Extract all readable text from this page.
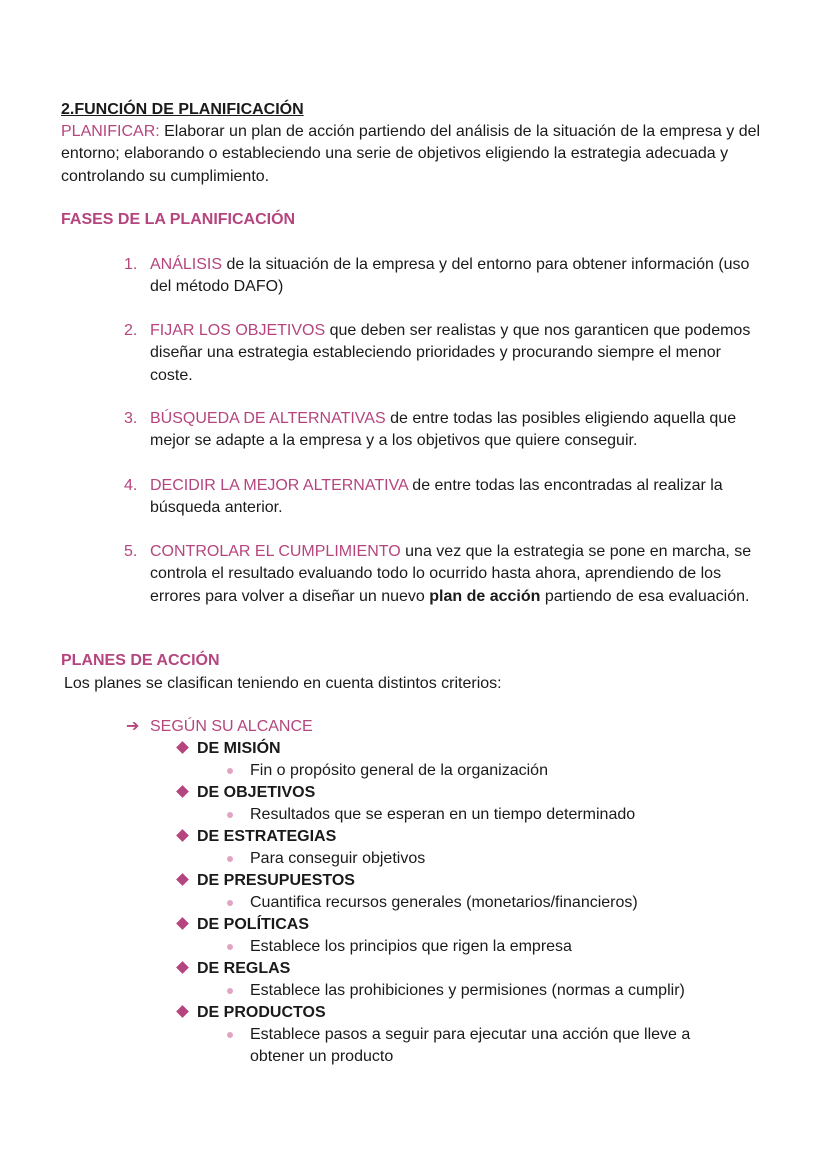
2.FUNCIÓN DE PLANIFICACIÓN

PLANIFICAR: Elaborar un plan de acción partiendo del análisis de la situación de la empresa y del entorno; elaborando o estableciendo una serie de objetivos eligiendo la estrategia adecuada y controlando su cumplimiento.

FASES DE LA PLANIFICACIÓN

1. ANÁLISIS de la situación de la empresa y del entorno para obtener información (uso del método DAFO)

2. FIJAR LOS OBJETIVOS que deben ser realistas y que nos garanticen que podemos diseñar una estrategia estableciendo prioridades y procurando siempre el menor coste.

3. BÚSQUEDA DE ALTERNATIVAS de entre todas las posibles eligiendo aquella que mejor se adapte a la empresa y a los objetivos que quiere conseguir.

4. DECIDIR LA MEJOR ALTERNATIVA de entre todas las encontradas al realizar la búsqueda anterior.

5. CONTROLAR EL CUMPLIMIENTO una vez que la estrategia se pone en marcha, se controla el resultado evaluando todo lo ocurrido hasta ahora, aprendiendo de los errores para volver a diseñar un nuevo plan de acción partiendo de esa evaluación.

PLANES DE ACCIÓN

Los planes se clasifican teniendo en cuenta distintos criterios:

➔ SEGÚN SU ALCANCE

DE MISIÓN

Fin o propósito general de la organización

DE OBJETIVOS

Resultados que se esperan en un tiempo determinado

DE ESTRATEGIAS

Para conseguir objetivos

DE PRESUPUESTOS

Cuantifica recursos generales (monetarios/financieros)

DE POLÍTICAS

Establece los principios que rigen la empresa

DE REGLAS

Establece las prohibiciones y permisiones (normas a cumplir)

DE PRODUCTOS

Establece pasos a seguir para ejecutar una acción que lleve a obtener un producto
